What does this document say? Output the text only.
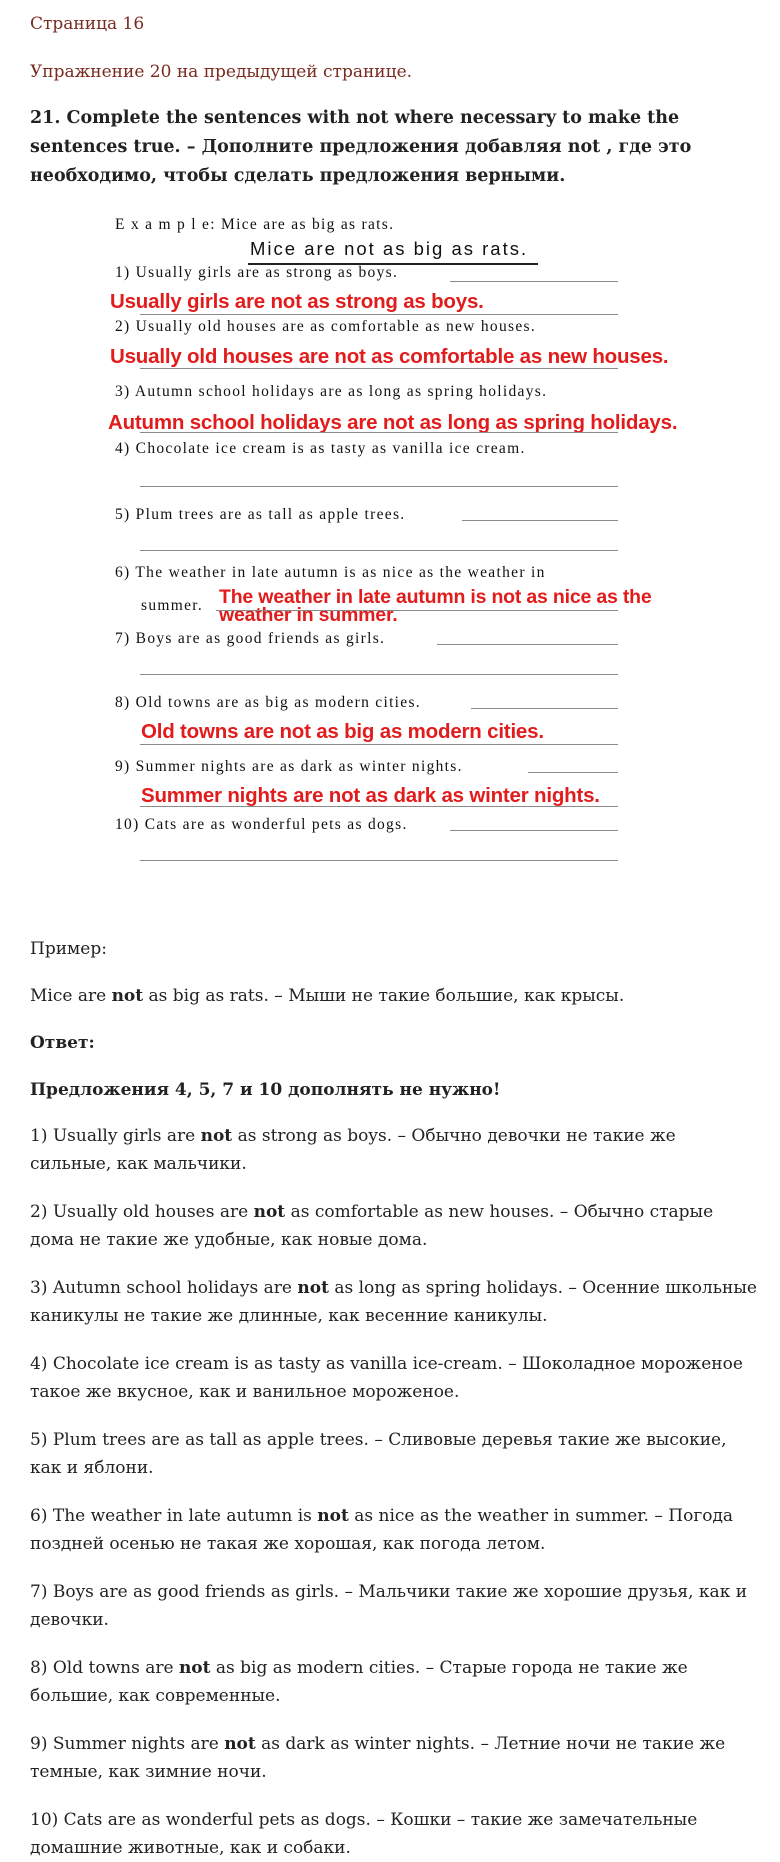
Страница 16
Упражнение 20 на предыдущей странице.
21. Complete the sentences with not where necessary to make the sentences true. – Дополните предложения добавляя not , где это необходимо, чтобы сделать предложения верными.
E x a m p l e: Mice are as big as rats.
Mice are not as big as rats.
1) Usually girls are as strong as boys.
Usually girls are not as strong as boys.
2) Usually old houses are as comfortable as new houses.
Usually old houses are not as comfortable as new houses.
3) Autumn school holidays are as long as spring holidays.
Autumn school holidays are not as long as spring holidays.
4) Chocolate ice cream is as tasty as vanilla ice cream.
5) Plum trees are as tall as apple trees.
6) The weather in late autumn is as nice as the weather in
summer. The weather in late autumn is not as nice as the
weather in summer.
7) Boys are as good friends as girls.
8) Old towns are as big as modern cities.
Old towns are not as big as modern cities.
9) Summer nights are as dark as winter nights.
Summer nights are not as dark as winter nights.
10) Cats are as wonderful pets as dogs.
Пример:
Mice are not as big as rats. – Мыши не такие большие, как крысы.
Ответ:
Предложения 4, 5, 7 и 10 дополнять не нужно!
1) Usually girls are not as strong as boys. – Обычно девочки не такие же сильные, как мальчики.
2) Usually old houses are not as comfortable as new houses. – Обычно старые дома не такие же удобные, как новые дома.
3) Autumn school holidays are not as long as spring holidays. – Осенние школьные каникулы не такие же длинные, как весенние каникулы.
4) Chocolate ice cream is as tasty as vanilla ice-cream. – Шоколадное мороженое такое же вкусное, как и ванильное мороженое.
5) Plum trees are as tall as apple trees. – Сливовые деревья такие же высокие, как и яблони.
6) The weather in late autumn is not as nice as the weather in summer. – Погода поздней осенью не такая же хорошая, как погода летом.
7) Boys are as good friends as girls. – Мальчики такие же хорошие друзья, как и девочки.
8) Old towns are not as big as modern cities. – Старые города не такие же большие, как современные.
9) Summer nights are not as dark as winter nights. – Летние ночи не такие же темные, как зимние ночи.
10) Cats are as wonderful pets as dogs. – Кошки – такие же замечательные домашние животные, как и собаки.
